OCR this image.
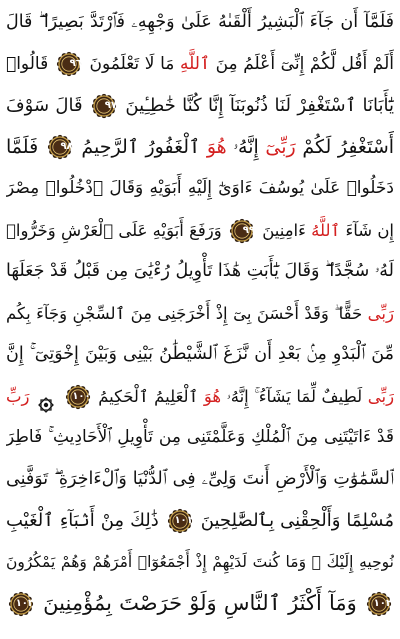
فَلَمَّآ أَن جَآءَ ٱلْبَشِيرُ أَلْقَىٰهُ عَلَىٰ وَجْهِهِۦ فَٱرْتَدَّ بَصِيرًا ۖ قَالَ
أَلَمْ أَقُل لَّكُمْ إِنِّىٓ أَعْلَمُ مِنَ ٱللَّهِ مَا لَا تَعْلَمُونَ
٩٦
قَالُوا۟
يَٰٓأَبَانَا ٱسْتَغْفِرْ لَنَا ذُنُوبَنَآ إِنَّا كُنَّا خَٰطِـِٔينَ
٩٧
قَالَ سَوْفَ
أَسْتَغْفِرُ لَكُمْ رَبِّىٓ إِنَّهُۥ هُوَ ٱلْغَفُورُ ٱلرَّحِيمُ
٩٨
فَلَمَّا
دَخَلُوا۟ عَلَىٰ يُوسُفَ ءَاوَىٰٓ إِلَيْهِ أَبَوَيْهِ وَقَالَ ٱدْخُلُوا۟ مِصْرَ
إِن شَآءَ ٱللَّهُ ءَامِنِينَ
٩٩
وَرَفَعَ أَبَوَيْهِ عَلَى ٱلْعَرْشِ وَخَرُّوا۟
لَهُۥ سُجَّدًا ۖ وَقَالَ يَٰٓأَبَتِ هَٰذَا تَأْوِيلُ رُءْيَٰىَ مِن قَبْلُ قَدْ جَعَلَهَا
رَبِّى حَقًّا ۖ وَقَدْ أَحْسَنَ بِىٓ إِذْ أَخْرَجَنِى مِنَ ٱلسِّجْنِ وَجَآءَ بِكُم
مِّنَ ٱلْبَدْوِ مِنۢ بَعْدِ أَن نَّزَغَ ٱلشَّيْطَٰنُ بَيْنِى وَبَيْنَ إِخْوَتِىٓ ۚ إِنَّ
رَبِّى لَطِيفٌ لِّمَا يَشَآءُ ۚ إِنَّهُۥ هُوَ ٱلْعَلِيمُ ٱلْحَكِيمُ
١٠٠
رَبِّ
قَدْ ءَاتَيْتَنِى مِنَ ٱلْمُلْكِ وَعَلَّمْتَنِى مِن تَأْوِيلِ ٱلْأَحَادِيثِ ۚ فَاطِرَ
ٱلسَّمَٰوَٰتِ وَٱلْأَرْضِ أَنتَ وَلِىِّۦ فِى ٱلدُّنْيَا وَٱلْءَاخِرَةِ ۖ تَوَفَّنِى
مُسْلِمًا وَأَلْحِقْنِى بِٱلصَّٰلِحِينَ
١٠١
ذَٰلِكَ مِنْ أَنۢبَآءِ ٱلْغَيْبِ
نُوحِيهِ إِلَيْكَ ۖ وَمَا كُنتَ لَدَيْهِمْ إِذْ أَجْمَعُوٓا۟ أَمْرَهُمْ وَهُمْ يَمْكُرُونَ
١٠٢
وَمَآ أَكْثَرُ ٱلنَّاسِ وَلَوْ حَرَصْتَ بِمُؤْمِنِينَ
١٠٣
